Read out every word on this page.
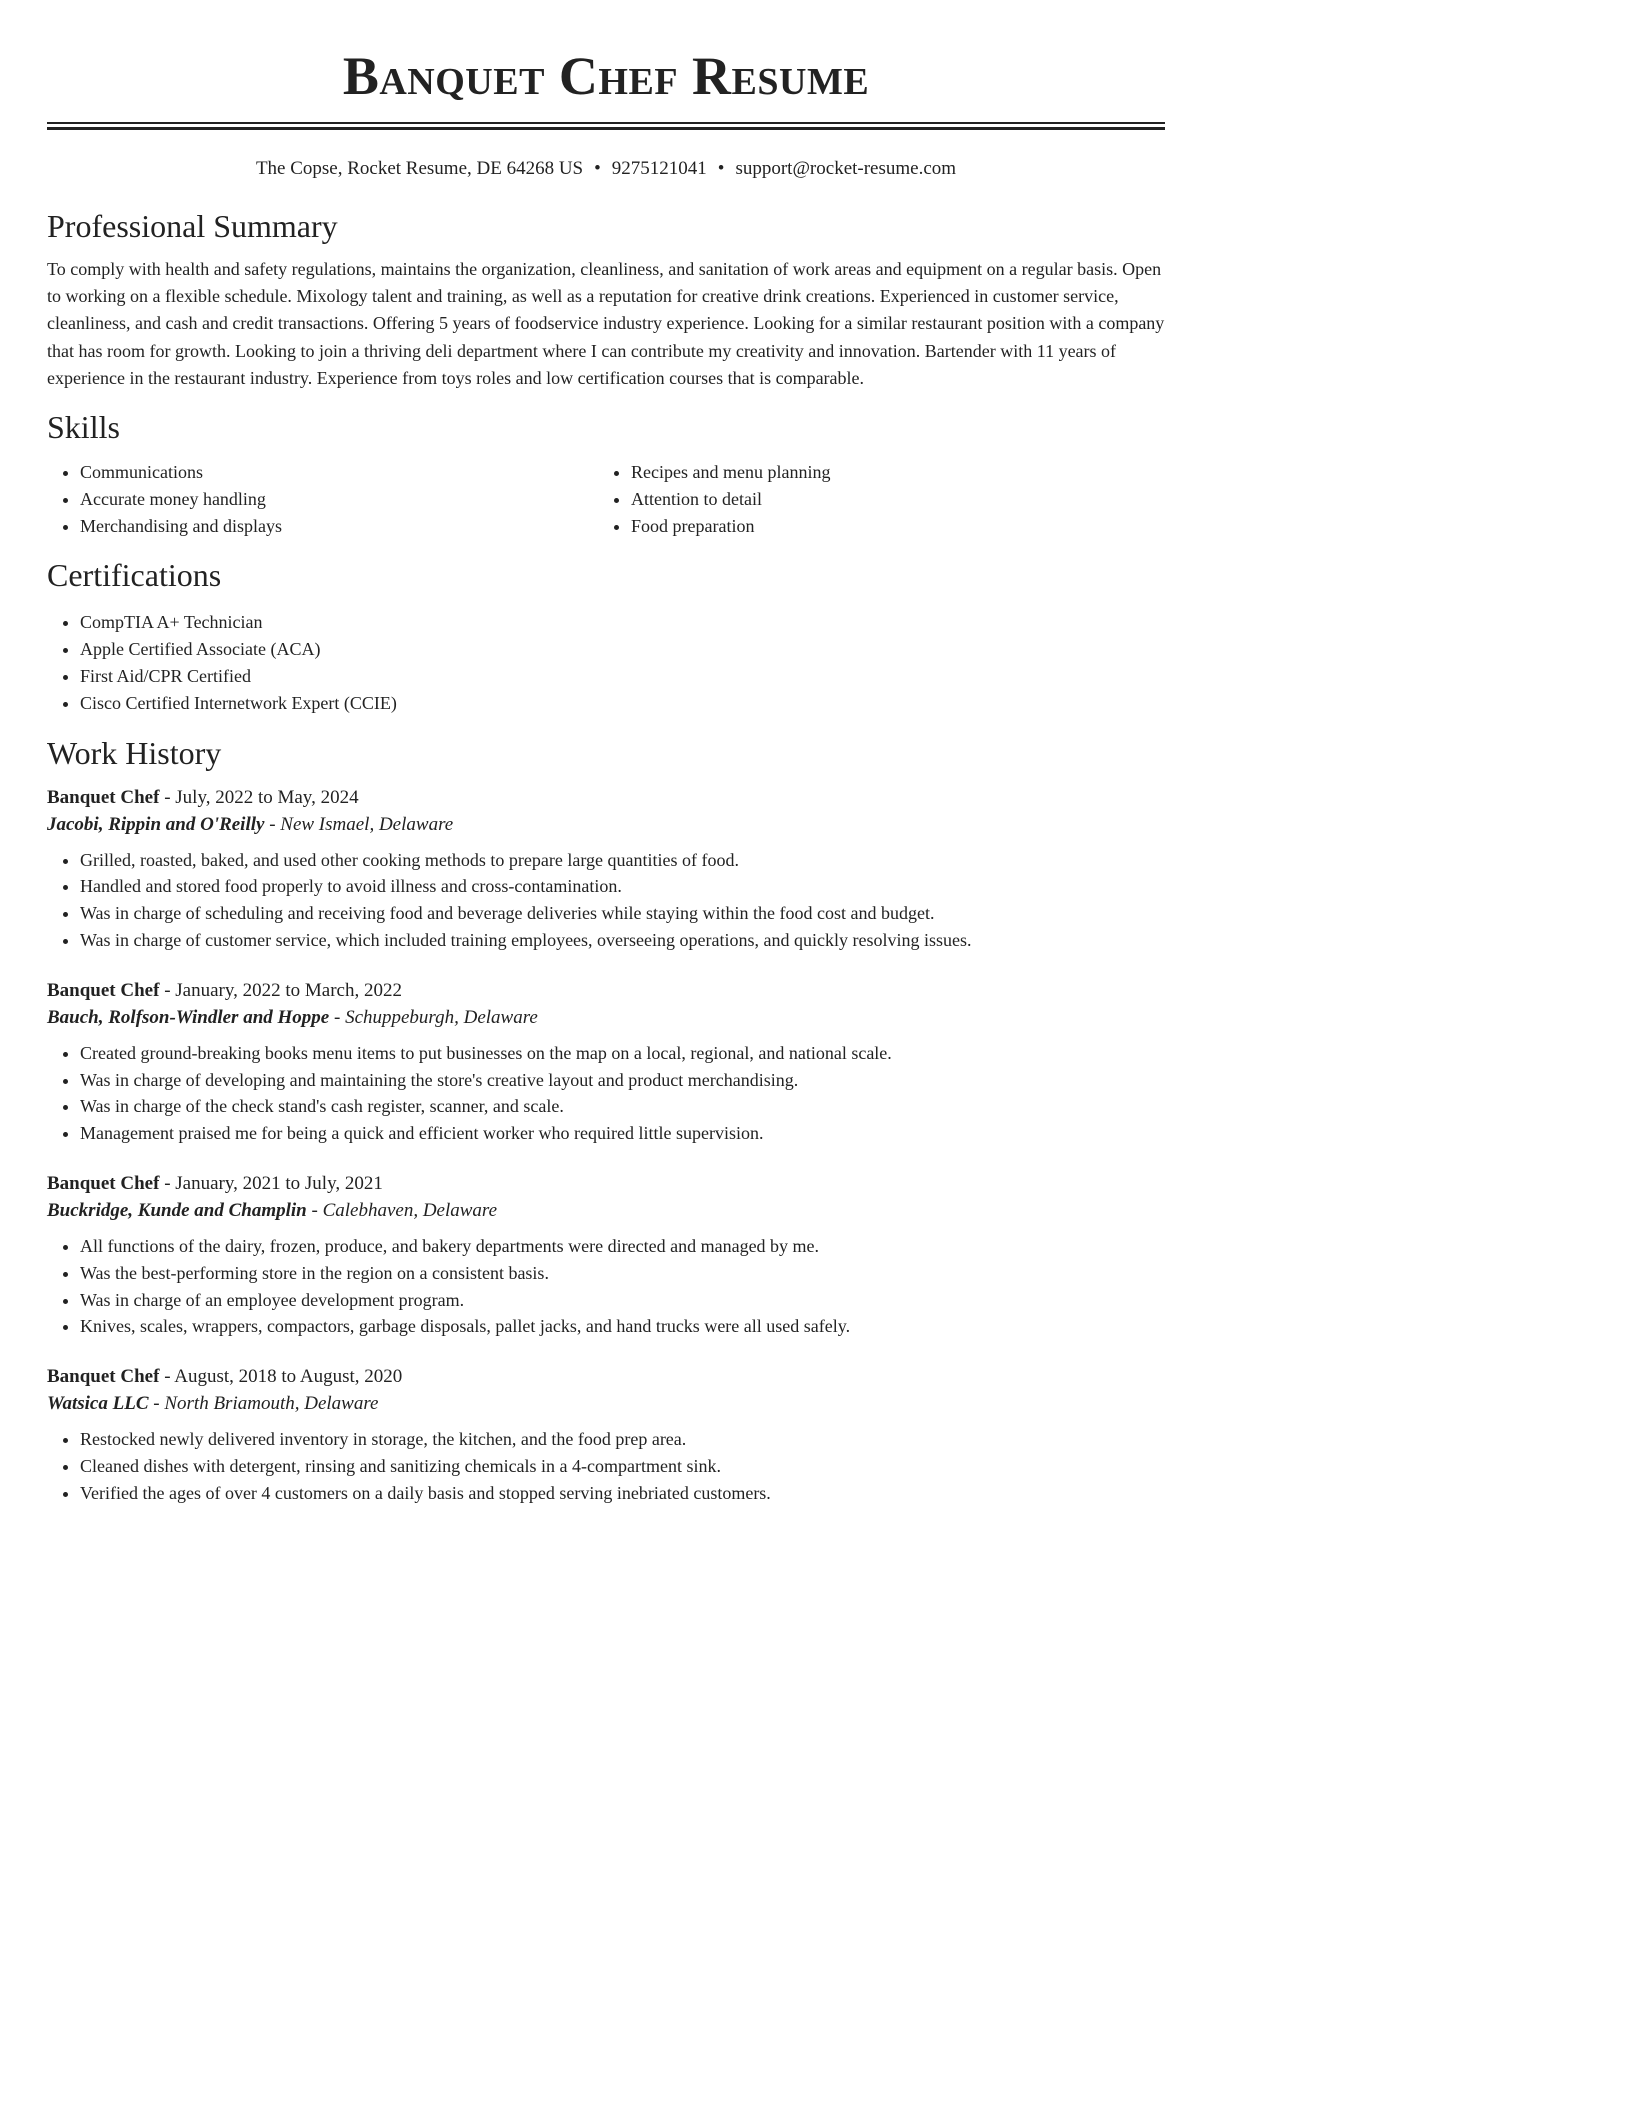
Banquet Chef Resume
The Copse, Rocket Resume, DE 64268 US • 9275121041 • support@rocket-resume.com
Professional Summary

To comply with health and safety regulations, maintains the organization, cleanliness, and sanitation of work areas and equipment on a regular basis. Open to working on a flexible schedule. Mixology talent and training, as well as a reputation for creative drink creations. Experienced in customer service, cleanliness, and cash and credit transactions. Offering 5 years of foodservice industry experience. Looking for a similar restaurant position with a company that has room for growth. Looking to join a thriving deli department where I can contribute my creativity and innovation. Bartender with 11 years of experience in the restaurant industry. Experience from toys roles and low certification courses that is comparable.

Skills
• Communications
• Accurate money handling
• Merchandising and displays
• Recipes and menu planning
• Attention to detail
• Food preparation
Certifications
• CompTIA A+ Technician
• Apple Certified Associate (ACA)
• First Aid/CPR Certified
• Cisco Certified Internetwork Expert (CCIE)
Work History
Banquet Chef - July, 2022 to May, 2024
Jacobi, Rippin and O'Reilly - New Ismael, Delaware
• Grilled, roasted, baked, and used other cooking methods to prepare large quantities of food.
• Handled and stored food properly to avoid illness and cross-contamination.
• Was in charge of scheduling and receiving food and beverage deliveries while staying within the food cost and budget.
• Was in charge of customer service, which included training employees, overseeing operations, and quickly resolving issues.
Banquet Chef - January, 2022 to March, 2022
Bauch, Rolfson-Windler and Hoppe - Schuppeburgh, Delaware
• Created ground-breaking books menu items to put businesses on the map on a local, regional, and national scale.
• Was in charge of developing and maintaining the store's creative layout and product merchandising.
• Was in charge of the check stand's cash register, scanner, and scale.
• Management praised me for being a quick and efficient worker who required little supervision.
Banquet Chef - January, 2021 to July, 2021
Buckridge, Kunde and Champlin - Calebhaven, Delaware
• All functions of the dairy, frozen, produce, and bakery departments were directed and managed by me.
• Was the best-performing store in the region on a consistent basis.
• Was in charge of an employee development program.
• Knives, scales, wrappers, compactors, garbage disposals, pallet jacks, and hand trucks were all used safely.
Banquet Chef - August, 2018 to August, 2020
Watsica LLC - North Briamouth, Delaware
• Restocked newly delivered inventory in storage, the kitchen, and the food prep area.
• Cleaned dishes with detergent, rinsing and sanitizing chemicals in a 4-compartment sink.
• Verified the ages of over 4 customers on a daily basis and stopped serving inebriated customers.
